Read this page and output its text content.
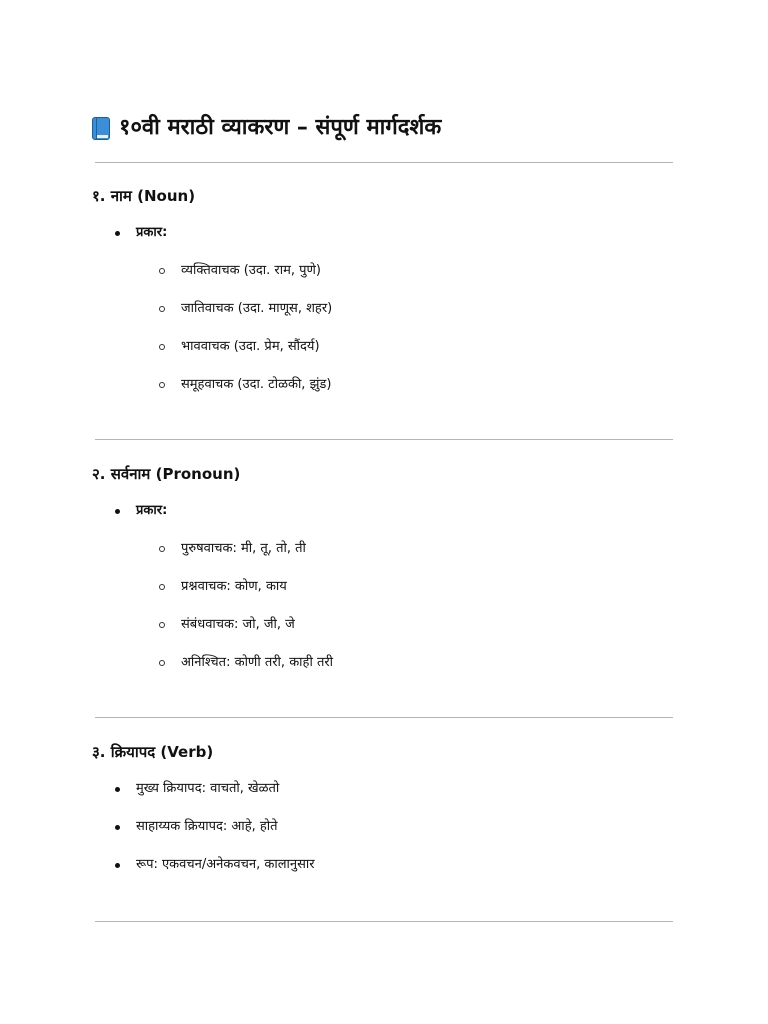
१०वी मराठी व्याकरण – संपूर्ण मार्गदर्शक
१. नाम (Noun)
प्रकार:
व्यक्तिवाचक (उदा. राम, पुणे)
जातिवाचक (उदा. माणूस, शहर)
भाववाचक (उदा. प्रेम, सौंदर्य)
समूहवाचक (उदा. टोळकी, झुंड)
२. सर्वनाम (Pronoun)
प्रकार:
पुरुषवाचक: मी, तू, तो, ती
प्रश्नवाचक: कोण, काय
संबंधवाचक: जो, जी, जे
अनिश्चित: कोणी तरी, काही तरी
३. क्रियापद (Verb)
मुख्य क्रियापद: वाचतो, खेळतो
साहाय्यक क्रियापद: आहे, होते
रूप: एकवचन/अनेकवचन, कालानुसार
